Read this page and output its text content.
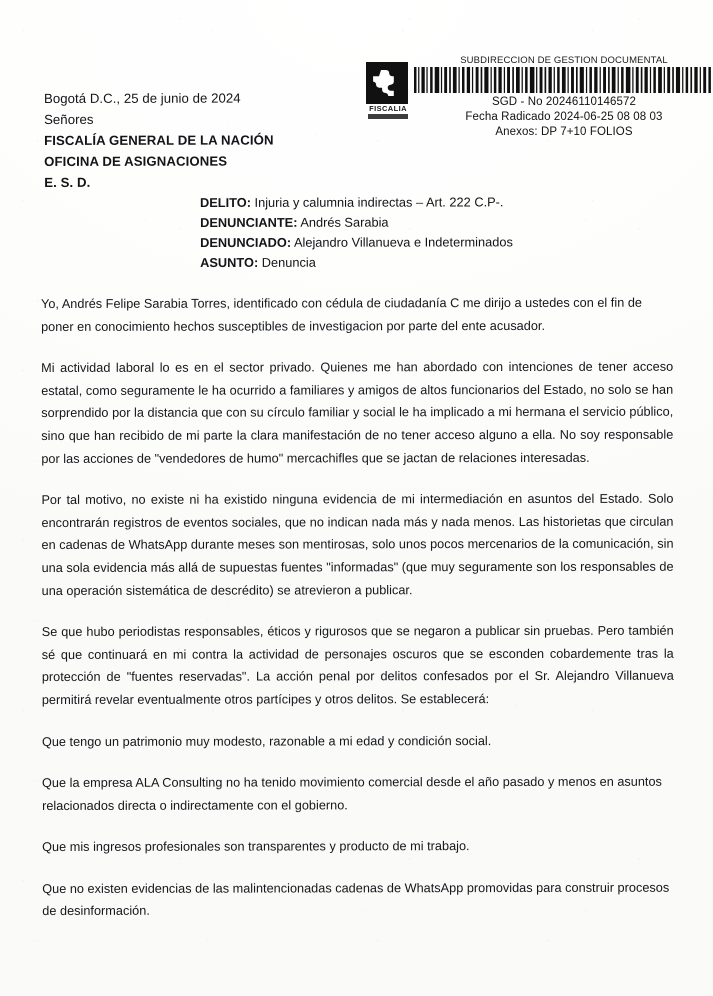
FISCALIA
SUBDIRECCION DE GESTION DOCUMENTAL
SGD - No 20246110146572
Fecha Radicado 2024-06-25 08 08 03
Anexos: DP 7+10 FOLIOS
Bogotá D.C., 25 de junio de 2024
Señores
FISCALÍA GENERAL DE LA NACIÓN
OFICINA DE ASIGNACIONES
E. S. D.
DELITO: Injuria y calumnia indirectas – Art. 222 C.P-.
DENUNCIANTE: Andrés Sarabia
DENUNCIADO: Alejandro Villanueva e Indeterminados
ASUNTO: Denuncia

Yo, Andrés Felipe Sarabia Torres, identificado con cédula de ciudadanía C me dirijo a ustedes con el fin de poner en conocimiento hechos susceptibles de investigacion por parte del ente acusador.

Mi actividad laboral lo es en el sector privado. Quienes me han abordado con intenciones de tener acceso estatal, como seguramente le ha ocurrido a familiares y amigos de altos funcionarios del Estado, no solo se han sorprendido por la distancia que con su círculo familiar y social le ha implicado a mi hermana el servicio público, sino que han recibido de mi parte la clara manifestación de no tener acceso alguno a ella. No soy responsable por las acciones de "vendedores de humo" mercachifles que se jactan de relaciones interesadas.

Por tal motivo, no existe ni ha existido ninguna evidencia de mi intermediación en asuntos del Estado. Solo encontrarán registros de eventos sociales, que no indican nada más y nada menos. Las historietas que circulan en cadenas de WhatsApp durante meses son mentirosas, solo unos pocos mercenarios de la comunicación, sin una sola evidencia más allá de supuestas fuentes "informadas" (que muy seguramente son los responsables de una operación sistemática de descrédito) se atrevieron a publicar.

Se que hubo periodistas responsables, éticos y rigurosos que se negaron a publicar sin pruebas. Pero también sé que continuará en mi contra la actividad de personajes oscuros que se esconden cobardemente tras la protección de "fuentes reservadas". La acción penal por delitos confesados por el Sr. Alejandro Villanueva permitirá revelar eventualmente otros partícipes y otros delitos. Se establecerá:

Que tengo un patrimonio muy modesto, razonable a mi edad y condición social.

Que la empresa ALA Consulting no ha tenido movimiento comercial desde el año pasado y menos en asuntos relacionados directa o indirectamente con el gobierno.

Que mis ingresos profesionales son transparentes y producto de mi trabajo.

Que no existen evidencias de las malintencionadas cadenas de WhatsApp promovidas para construir procesos de desinformación.
